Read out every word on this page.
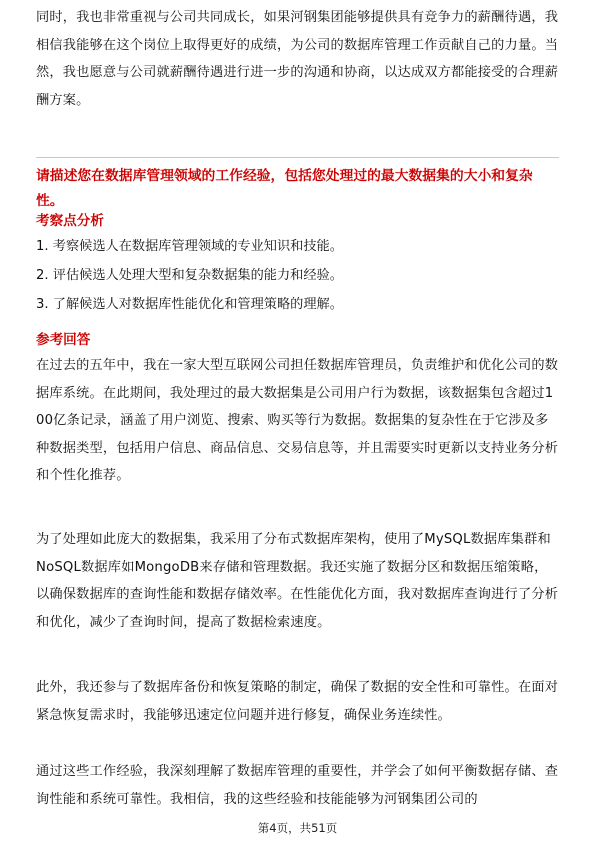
同时，我也非常重视与公司共同成长，如果河钢集团能够提供具有竞争力的薪酬待遇，我相信我能够在这个岗位上取得更好的成绩，为公司的数据库管理工作贡献自己的力量。当然，我也愿意与公司就薪酬待遇进行进一步的沟通和协商，以达成双方都能接受的合理薪酬方案。

请描述您在数据库管理领域的工作经验，包括您处理过的最大数据集的大小和复杂性。

考察点分析

1. 考察候选人在数据库管理领域的专业知识和技能。
2. 评估候选人处理大型和复杂数据集的能力和经验。
3. 了解候选人对数据库性能优化和管理策略的理解。

参考回答

在过去的五年中，我在一家大型互联网公司担任数据库管理员，负责维护和优化公司的数据库系统。在此期间，我处理过的最大数据集是公司用户行为数据，该数据集包含超过100亿条记录，涵盖了用户浏览、搜索、购买等行为数据。数据集的复杂性在于它涉及多种数据类型，包括用户信息、商品信息、交易信息等，并且需要实时更新以支持业务分析和个性化推荐。

为了处理如此庞大的数据集，我采用了分布式数据库架构，使用了MySQL数据库集群和NoSQL数据库如MongoDB来存储和管理数据。我还实施了数据分区和数据压缩策略，以确保数据库的查询性能和数据存储效率。在性能优化方面，我对数据库查询进行了分析和优化，减少了查询时间，提高了数据检索速度。

此外，我还参与了数据库备份和恢复策略的制定，确保了数据的安全性和可靠性。在面对紧急恢复需求时，我能够迅速定位问题并进行修复，确保业务连续性。

通过这些工作经验，我深刻理解了数据库管理的重要性，并学会了如何平衡数据存储、查询性能和系统可靠性。我相信，我的这些经验和技能能够为河钢集团公司的

第4页，共51页
